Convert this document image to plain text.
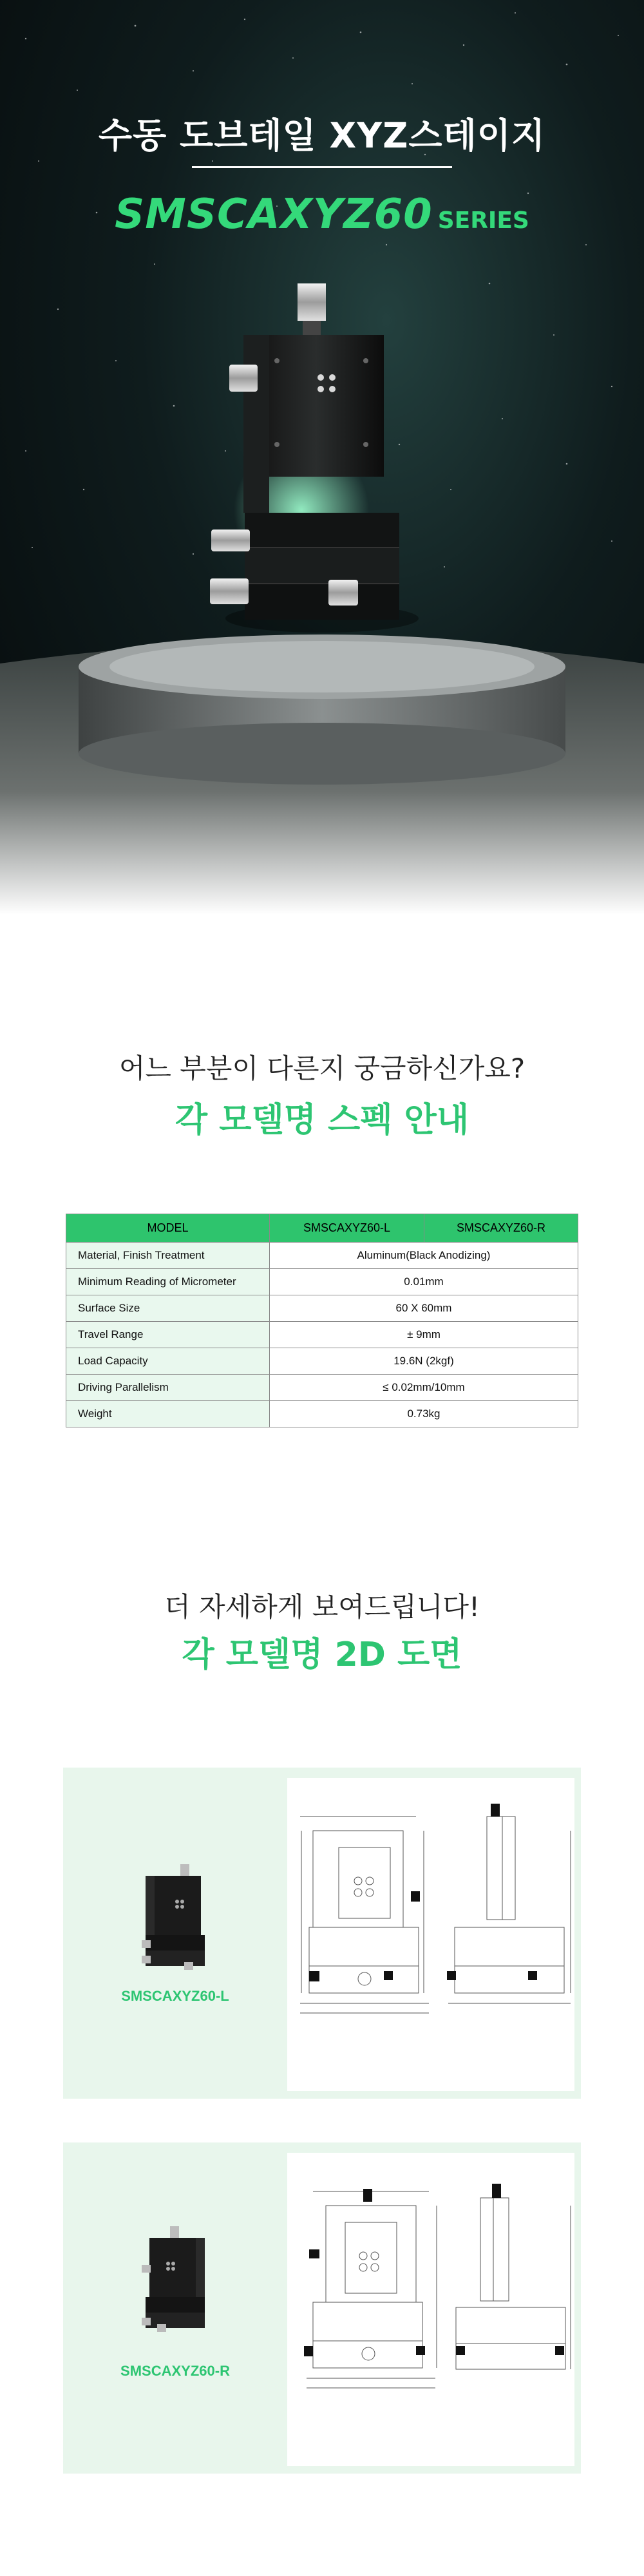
수동 도브테일 XYZ스테이지
SMSCAXYZ60 SERIES
어느 부분이 다른지 궁금하신가요?
각 모델명 스펙 안내
MODEL	SMSCAXYZ60-L	SMSCAXYZ60-R
Material, Finish Treatment	Aluminum(Black Anodizing)	
Minimum Reading of Micrometer	0.01mm	
Surface Size	60 X 60mm	
Travel Range	± 9mm	
Load Capacity	19.6N (2kgf)	
Driving Parallelism	≤ 0.02mm/10mm	
Weight	0.73kg	
더 자세하게 보여드립니다!
각 모델명 2D 도면
SMSCAXYZ60-L
SMSCAXYZ60-R
